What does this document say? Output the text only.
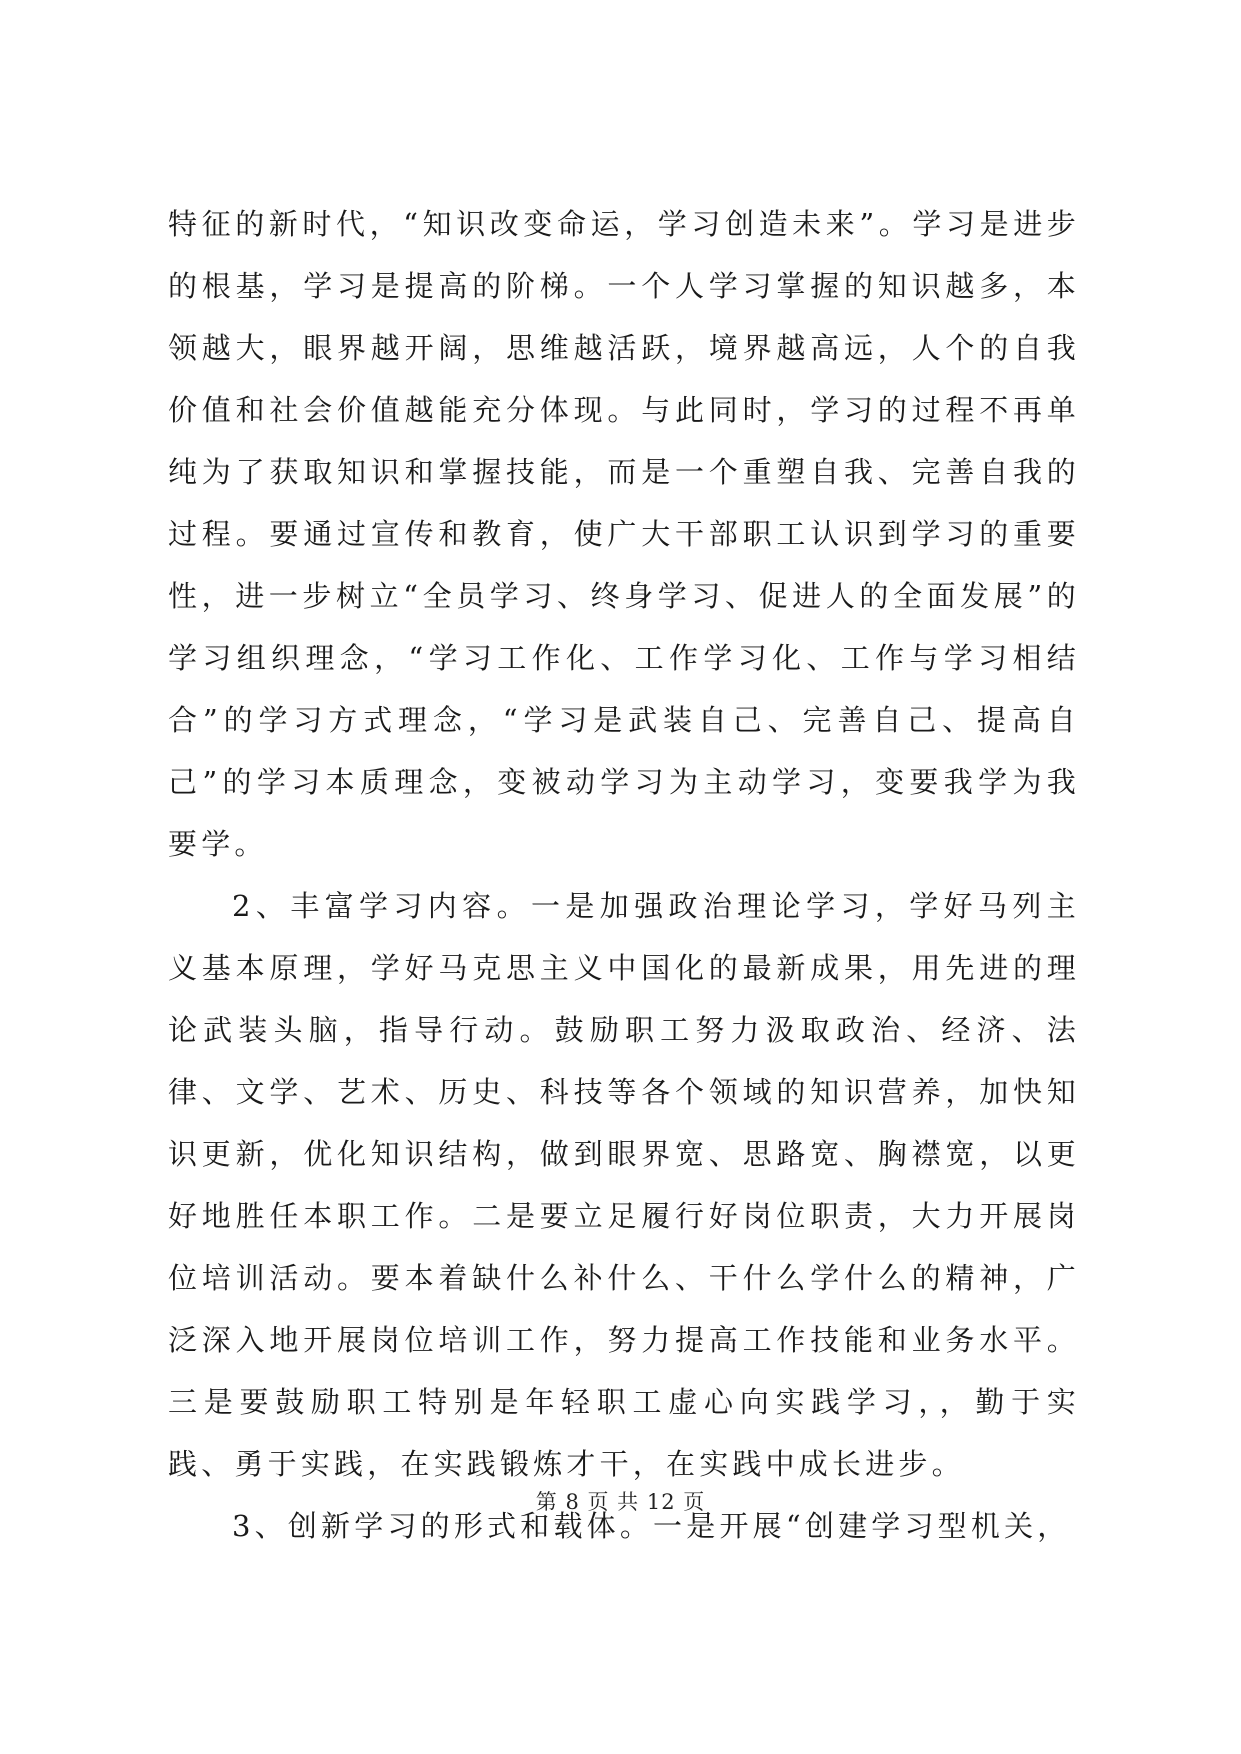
特征的新时代，“知识改变命运，学习创造未来”。学习是进步的根基，学习是提高的阶梯。一个人学习掌握的知识越多，本领越大，眼界越开阔，思维越活跃，境界越高远，人个的自我价值和社会价值越能充分体现。与此同时，学习的过程不再单纯为了获取知识和掌握技能，而是一个重塑自我、完善自我的过程。要通过宣传和教育，使广大干部职工认识到学习的重要性，进一步树立“全员学习、终身学习、促进人的全面发展”的学习组织理念，“学习工作化、工作学习化、工作与学习相结合”的学习方式理念，“学习是武装自己、完善自己、提高自己”的学习本质理念，变被动学习为主动学习，变要我学为我要学。

2、丰富学习内容。一是加强政治理论学习，学好马列主义基本原理，学好马克思主义中国化的最新成果，用先进的理论武装头脑，指导行动。鼓励职工努力汲取政治、经济、法律、文学、艺术、历史、科技等各个领域的知识营养，加快知识更新，优化知识结构，做到眼界宽、思路宽、胸襟宽，以更好地胜任本职工作。二是要立足履行好岗位职责，大力开展岗位培训活动。要本着缺什么补什么、干什么学什么的精神，广泛深入地开展岗位培训工作，努力提高工作技能和业务水平。三是要鼓励职工特别是年轻职工虚心向实践学习，，勤于实践、勇于实践，在实践锻炼才干，在实践中成长进步。

3、创新学习的形式和载体。一是开展“创建学习型机关，

第 8 页 共 12 页
